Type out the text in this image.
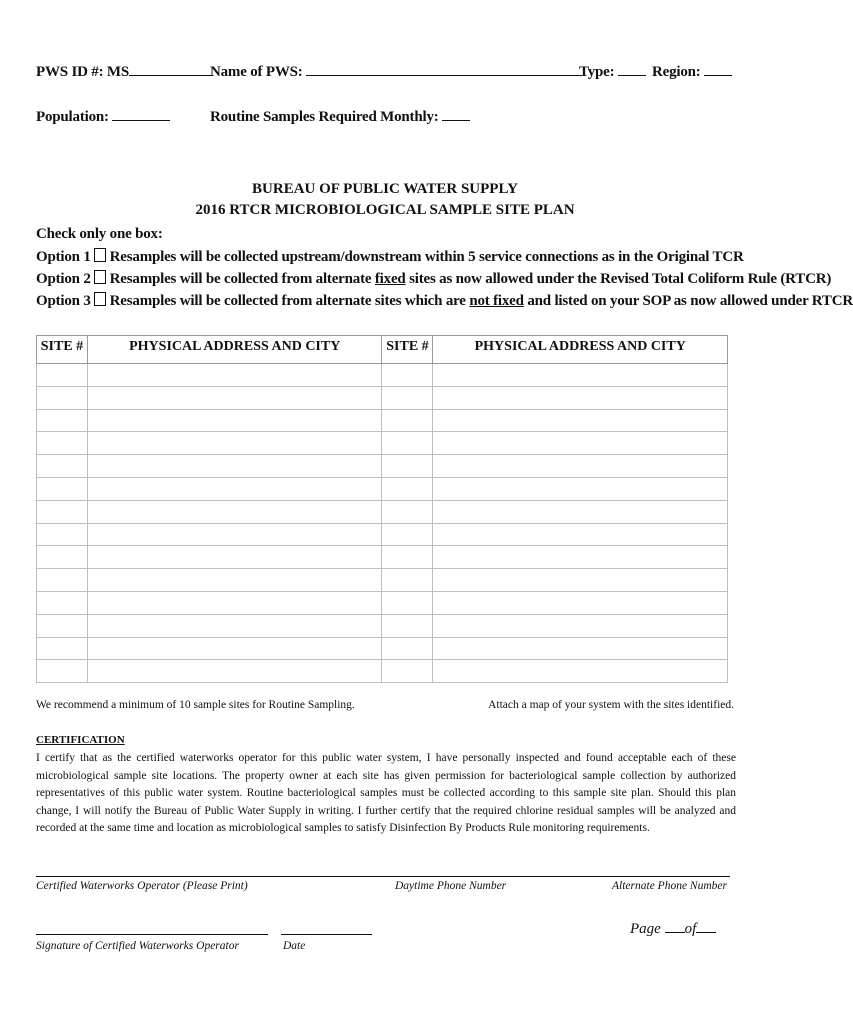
PWS ID #: MS	Name of PWS:	Type:	Region:
Population:	Routine Samples Required Monthly:
BUREAU OF PUBLIC WATER SUPPLY
2016 RTCR MICROBIOLOGICAL SAMPLE SITE PLAN
Check only one box:
Option 1 Resamples will be collected upstream/downstream within 5 service connections as in the Original TCR
Option 2 Resamples will be collected from alternate fixed sites as now allowed under the Revised Total Coliform Rule (RTCR)
Option 3 Resamples will be collected from alternate sites which are not fixed and listed on your SOP as now allowed under RTCR
SITE #	PHYSICAL ADDRESS AND CITY	SITE #	PHYSICAL ADDRESS AND CITY

We recommend a minimum of 10 sample sites for Routine Sampling.	Attach a map of your system with the sites identified.
CERTIFICATION
I certify that as the certified waterworks operator for this public water system, I have personally inspected and found acceptable each of these microbiological sample site locations. The property owner at each site has given permission for bacteriological sample collection by authorized representatives of this public water system. Routine bacteriological samples must be collected according to this sample site plan. Should this plan change, I will notify the Bureau of Public Water Supply in writing. I further certify that the required chlorine residual samples will be analyzed and recorded at the same time and location as microbiological samples to satisfy Disinfection By Products Rule monitoring requirements.
Certified Waterworks Operator (Please Print)	Daytime Phone Number	Alternate Phone Number
Page of
Signature of Certified Waterworks Operator	Date
